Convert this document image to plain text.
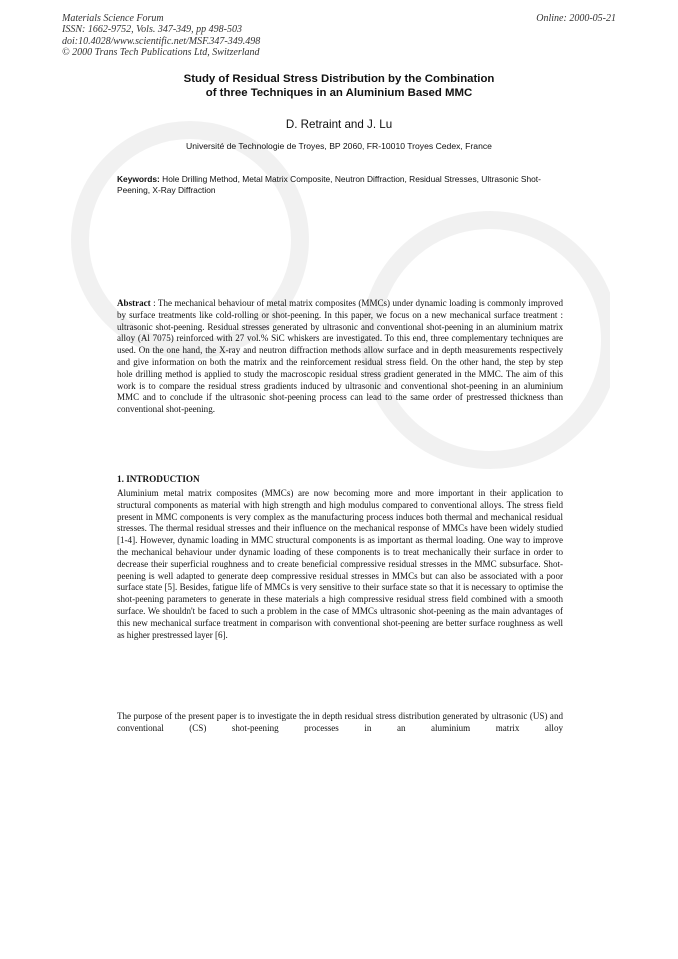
Materials Science Forum
ISSN: 1662-9752, Vols. 347-349, pp 498-503
doi:10.4028/www.scientific.net/MSF.347-349.498
© 2000 Trans Tech Publications Ltd, Switzerland
Online: 2000-05-21
Study of Residual Stress Distribution by the Combination
of three Techniques in an Aluminium Based MMC
D. Retraint and J. Lu
Université de Technologie de Troyes, BP 2060, FR-10010 Troyes Cedex, France
Keywords: Hole Drilling Method, Metal Matrix Composite, Neutron Diffraction, Residual Stresses, Ultrasonic Shot-Peening, X-Ray Diffraction
Abstract : The mechanical behaviour of metal matrix composites (MMCs) under dynamic loading is commonly improved by surface treatments like cold-rolling or shot-peening. In this paper, we focus on a new mechanical surface treatment : ultrasonic shot-peening. Residual stresses generated by ultrasonic and conventional shot-peening in an aluminium matrix alloy (Al 7075) reinforced with 27 vol.% SiC whiskers are investigated. To this end, three complementary techniques are used. On the one hand, the X-ray and neutron diffraction methods allow surface and in depth measurements respectively and give information on both the matrix and the reinforcement residual stress field. On the other hand, the step by step hole drilling method is applied to study the macroscopic residual stress gradient generated in the MMC. The aim of this work is to compare the residual stress gradients induced by ultrasonic and conventional shot-peening in an aluminium MMC and to conclude if the ultrasonic shot-peening process can lead to the same order of prestressed thickness than conventional shot-peening.
1. INTRODUCTION
Aluminium metal matrix composites (MMCs) are now becoming more and more important in their application to structural components as material with high strength and high modulus compared to conventional alloys. The stress field present in MMC components is very complex as the manufacturing process induces both thermal and mechanical residual stresses. The thermal residual stresses and their influence on the mechanical response of MMCs have been widely studied [1-4]. However, dynamic loading in MMC structural components is as important as thermal loading. One way to improve the mechanical behaviour under dynamic loading of these components is to treat mechanically their surface in order to decrease their superficial roughness and to create beneficial compressive residual stresses in the MMC subsurface. Shot-peening is well adapted to generate deep compressive residual stresses in MMCs but can also be associated with a poor surface state [5]. Besides, fatigue life of MMCs is very sensitive to their surface state so that it is necessary to optimise the shot-peening parameters to generate in these materials a high compressive residual stress field combined with a smooth surface. We shouldn't be faced to such a problem in the case of MMCs ultrasonic shot-peening as the main advantages of this new mechanical surface treatment in comparison with conventional shot-peening are better surface roughness as well as higher prestressed layer [6].
The purpose of the present paper is to investigate the in depth residual stress distribution generated by ultrasonic (US) and conventional (CS) shot-peening processes in an aluminium matrix alloy
